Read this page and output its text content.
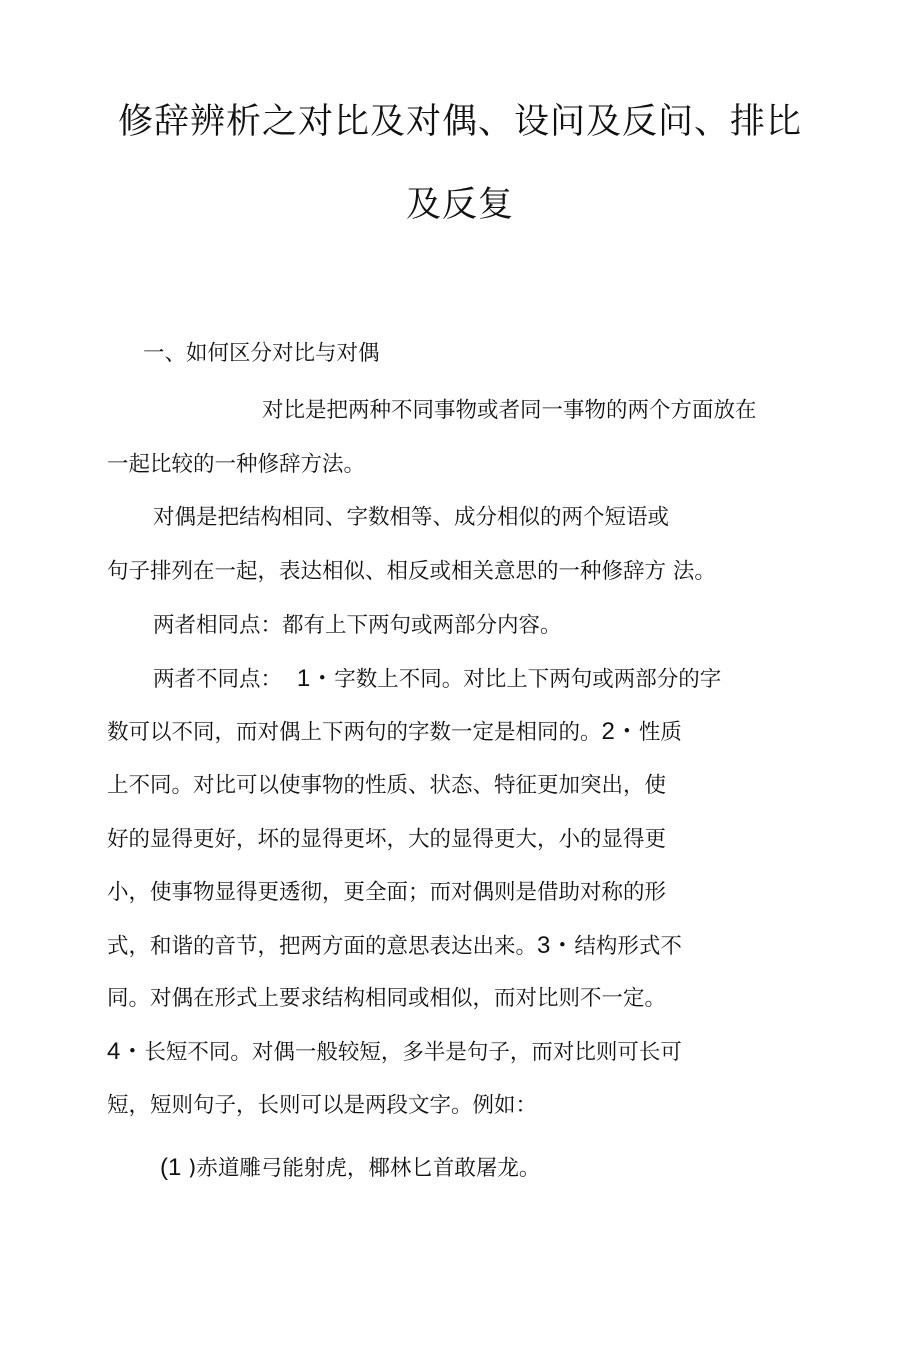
修辞辨析之对比及对偶、设问及反问、排比
及反复
一、如何区分对比与对偶
对比是把两种不同事物或者同一事物的两个方面放在
一起比较的一种修辞方法。
对偶是把结构相同、字数相等、成分相似的两个短语或
句子排列在一起，表达相似、相反或相关意思的一种修辞方 法。
两者相同点：都有上下两句或两部分内容。
两者不同点： 1・字数上不同。对比上下两句或两部分的字
数可以不同，而对偶上下两句的字数一定是相同的。2・性质
上不同。对比可以使事物的性质、状态、特征更加突出，使
好的显得更好，坏的显得更坏，大的显得更大，小的显得更
小，使事物显得更透彻，更全面；而对偶则是借助对称的形
式，和谐的音节，把两方面的意思表达出来。3・结构形式不
同。对偶在形式上要求结构相同或相似，而对比则不一定。
4・长短不同。对偶一般较短，多半是句子，而对比则可长可
短，短则句子，长则可以是两段文字。例如：
(1 )赤道雕弓能射虎，椰林匕首敢屠龙。
